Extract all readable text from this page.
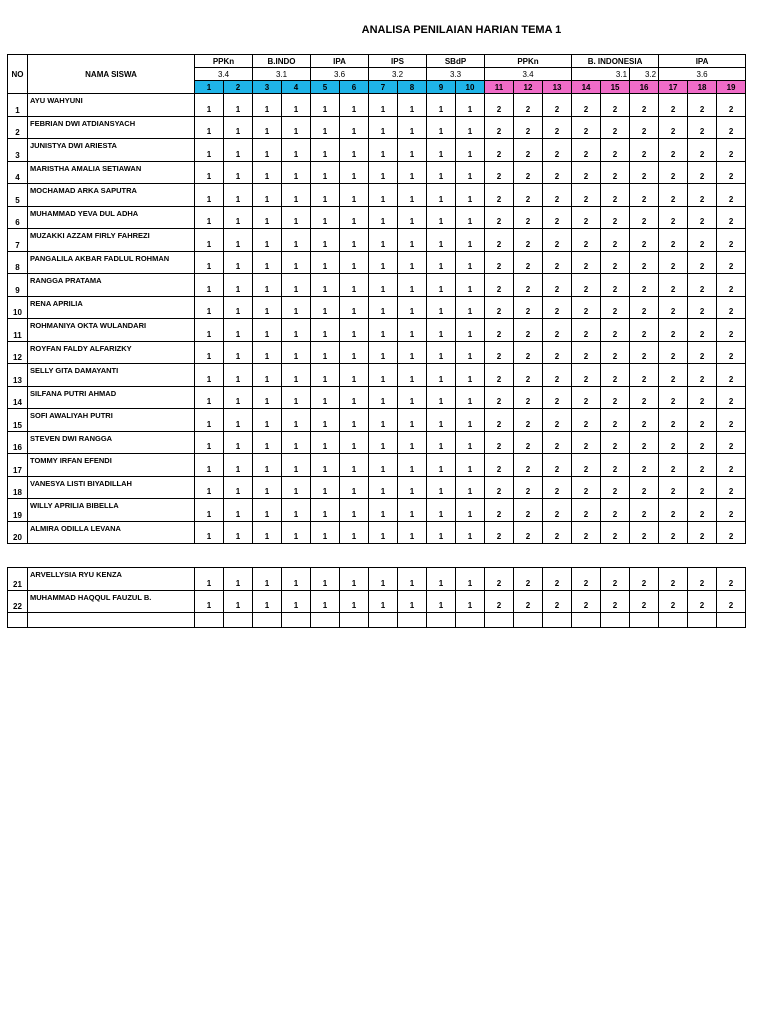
ANALISA PENILAIAN HARIAN TEMA 1
NO	NAMA SISWA	PPKn		B.INDO		IPA		IPS		SBdP		PPKn			B. INDONESIA			IPA		
		3.4		3.1		3.6		3.2		3.3		3.4			3.1		3.2	3.6		
		1	2	3	4	5	6	7	8	9	10	11	12	13	14	15	16	17	18	19
1	AYU WAHYUNI	1	1	1	1	1	1	1	1	1	1	2	2	2	2	2	2	2	2	2
2	FEBRIAN DWI ATDIANSYACH	1	1	1	1	1	1	1	1	1	1	2	2	2	2	2	2	2	2	2
3	JUNISTYA DWI ARIESTA	1	1	1	1	1	1	1	1	1	1	2	2	2	2	2	2	2	2	2
4	MARISTHA AMALIA SETIAWAN	1	1	1	1	1	1	1	1	1	1	2	2	2	2	2	2	2	2	2
5	MOCHAMAD ARKA SAPUTRA	1	1	1	1	1	1	1	1	1	1	2	2	2	2	2	2	2	2	2
6	MUHAMMAD YEVA DUL ADHA	1	1	1	1	1	1	1	1	1	1	2	2	2	2	2	2	2	2	2
7	MUZAKKI AZZAM FIRLY FAHREZI	1	1	1	1	1	1	1	1	1	1	2	2	2	2	2	2	2	2	2
8	PANGALILA AKBAR FADLUL ROHMAN	1	1	1	1	1	1	1	1	1	1	2	2	2	2	2	2	2	2	2
9	RANGGA PRATAMA	1	1	1	1	1	1	1	1	1	1	2	2	2	2	2	2	2	2	2
10	RENA APRILIA	1	1	1	1	1	1	1	1	1	1	2	2	2	2	2	2	2	2	2
11	ROHMANIYA OKTA WULANDARI	1	1	1	1	1	1	1	1	1	1	2	2	2	2	2	2	2	2	2
12	ROYFAN FALDY ALFARIZKY	1	1	1	1	1	1	1	1	1	1	2	2	2	2	2	2	2	2	2
13	SELLY GITA DAMAYANTI	1	1	1	1	1	1	1	1	1	1	2	2	2	2	2	2	2	2	2
14	SILFANA PUTRI AHMAD	1	1	1	1	1	1	1	1	1	1	2	2	2	2	2	2	2	2	2
15	SOFI AWALIYAH PUTRI	1	1	1	1	1	1	1	1	1	1	2	2	2	2	2	2	2	2	2
16	STEVEN DWI RANGGA	1	1	1	1	1	1	1	1	1	1	2	2	2	2	2	2	2	2	2
17	TOMMY IRFAN EFENDI	1	1	1	1	1	1	1	1	1	1	2	2	2	2	2	2	2	2	2
18	VANESYA LISTI BIYADILLAH	1	1	1	1	1	1	1	1	1	1	2	2	2	2	2	2	2	2	2
19	WILLY APRILIA BIBELLA	1	1	1	1	1	1	1	1	1	1	2	2	2	2	2	2	2	2	2
20	ALMIRA ODILLA LEVANA	1	1	1	1	1	1	1	1	1	1	2	2	2	2	2	2	2	2	2
21	ARVELLYSIA RYU KENZA	1	1	1	1	1	1	1	1	1	1	2	2	2	2	2	2	2	2	2
22	MUHAMMAD HAQQUL FAUZUL B.	1	1	1	1	1	1	1	1	1	1	2	2	2	2	2	2	2	2	2
